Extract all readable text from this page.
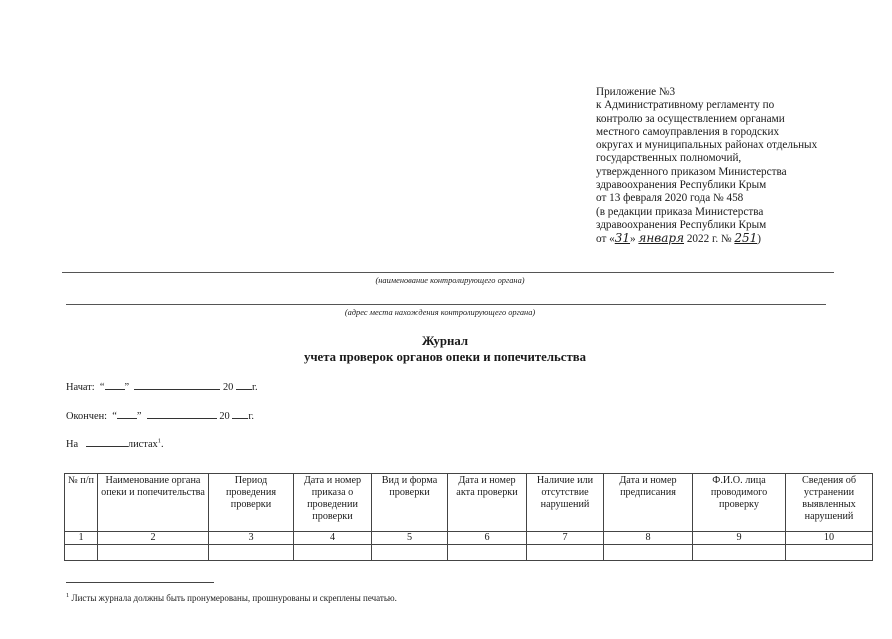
Приложение №3
к Административному регламенту по
контролю за осуществлением органами
местного самоуправления в городских
округах и муниципальных районах отдельных
государственных полномочий,
утвержденного приказом Министерства
здравоохранения Республики Крым
от 13 февраля 2020 года № 458
(в редакции приказа Министерства
здравоохранения Республики Крым
от «31» января 2022 г. № 251)
(наименование контролирующего органа)
(адрес места нахождения контролирующего органа)
Журнал
учета проверок органов опеки и попечительства
Начат: “ ”	20 г.
Окончен: “ ”	20 г.
На	листах$^1$.
№ п/п	Наименование органа опеки и попечительства	Период проведения проверки	Дата и номер приказа о проведении проверки	Вид и форма проверки	Дата и номер акта проверки	Наличие или отсутствие нарушений	Дата и номер предписания	Ф.И.О. лица проводимого проверку	Сведения об устранении выявленных нарушений
1	2	3	4	5	6	7	8	9	10

$^1$ Листы журнала должны быть пронумерованы, прошнурованы и скреплены печатью.
